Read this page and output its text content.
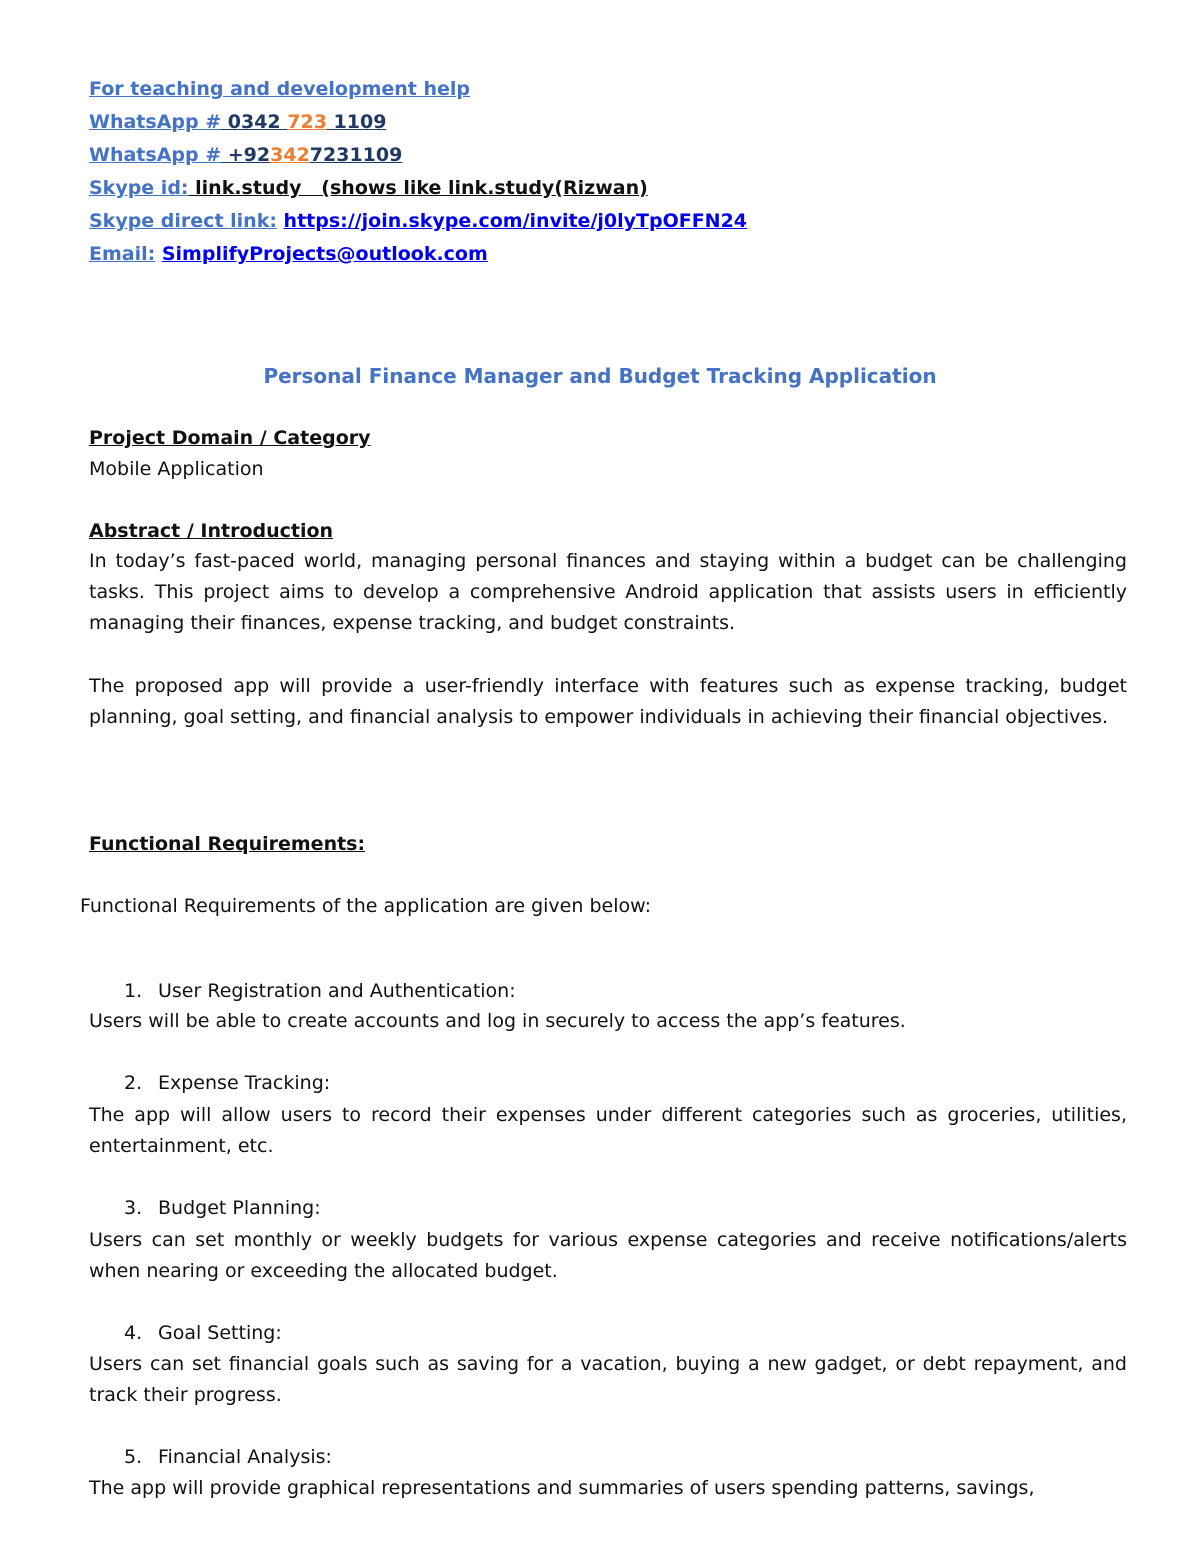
For teaching and development help
WhatsApp # 0342 723 1109
WhatsApp # +923427231109
Skype id: link.study   (shows like link.study(Rizwan)
Skype direct link: https://join.skype.com/invite/j0lyTpOFFN24
Email: SimplifyProjects@outlook.com
Personal Finance Manager and Budget Tracking Application
Project Domain / Category
Mobile Application
Abstract / Introduction
In today’s fast-paced world, managing personal finances and staying within a budget can be challenging tasks. This project aims to develop a comprehensive Android application that assists users in efficiently managing their finances, expense tracking, and budget constraints.
The proposed app will provide a user-friendly interface with features such as expense tracking, budget planning, goal setting, and financial analysis to empower individuals in achieving their financial objectives.
Functional Requirements:
Functional Requirements of the application are given below:
1. User Registration and Authentication:
Users will be able to create accounts and log in securely to access the app’s features.
2. Expense Tracking:
The app will allow users to record their expenses under different categories such as groceries, utilities, entertainment, etc.
3. Budget Planning:
Users can set monthly or weekly budgets for various expense categories and receive notifications/alerts when nearing or exceeding the allocated budget.
4. Goal Setting:
Users can set financial goals such as saving for a vacation, buying a new gadget, or debt repayment, and track their progress.
5. Financial Analysis:
The app will provide graphical representations and summaries of users spending patterns, savings,
